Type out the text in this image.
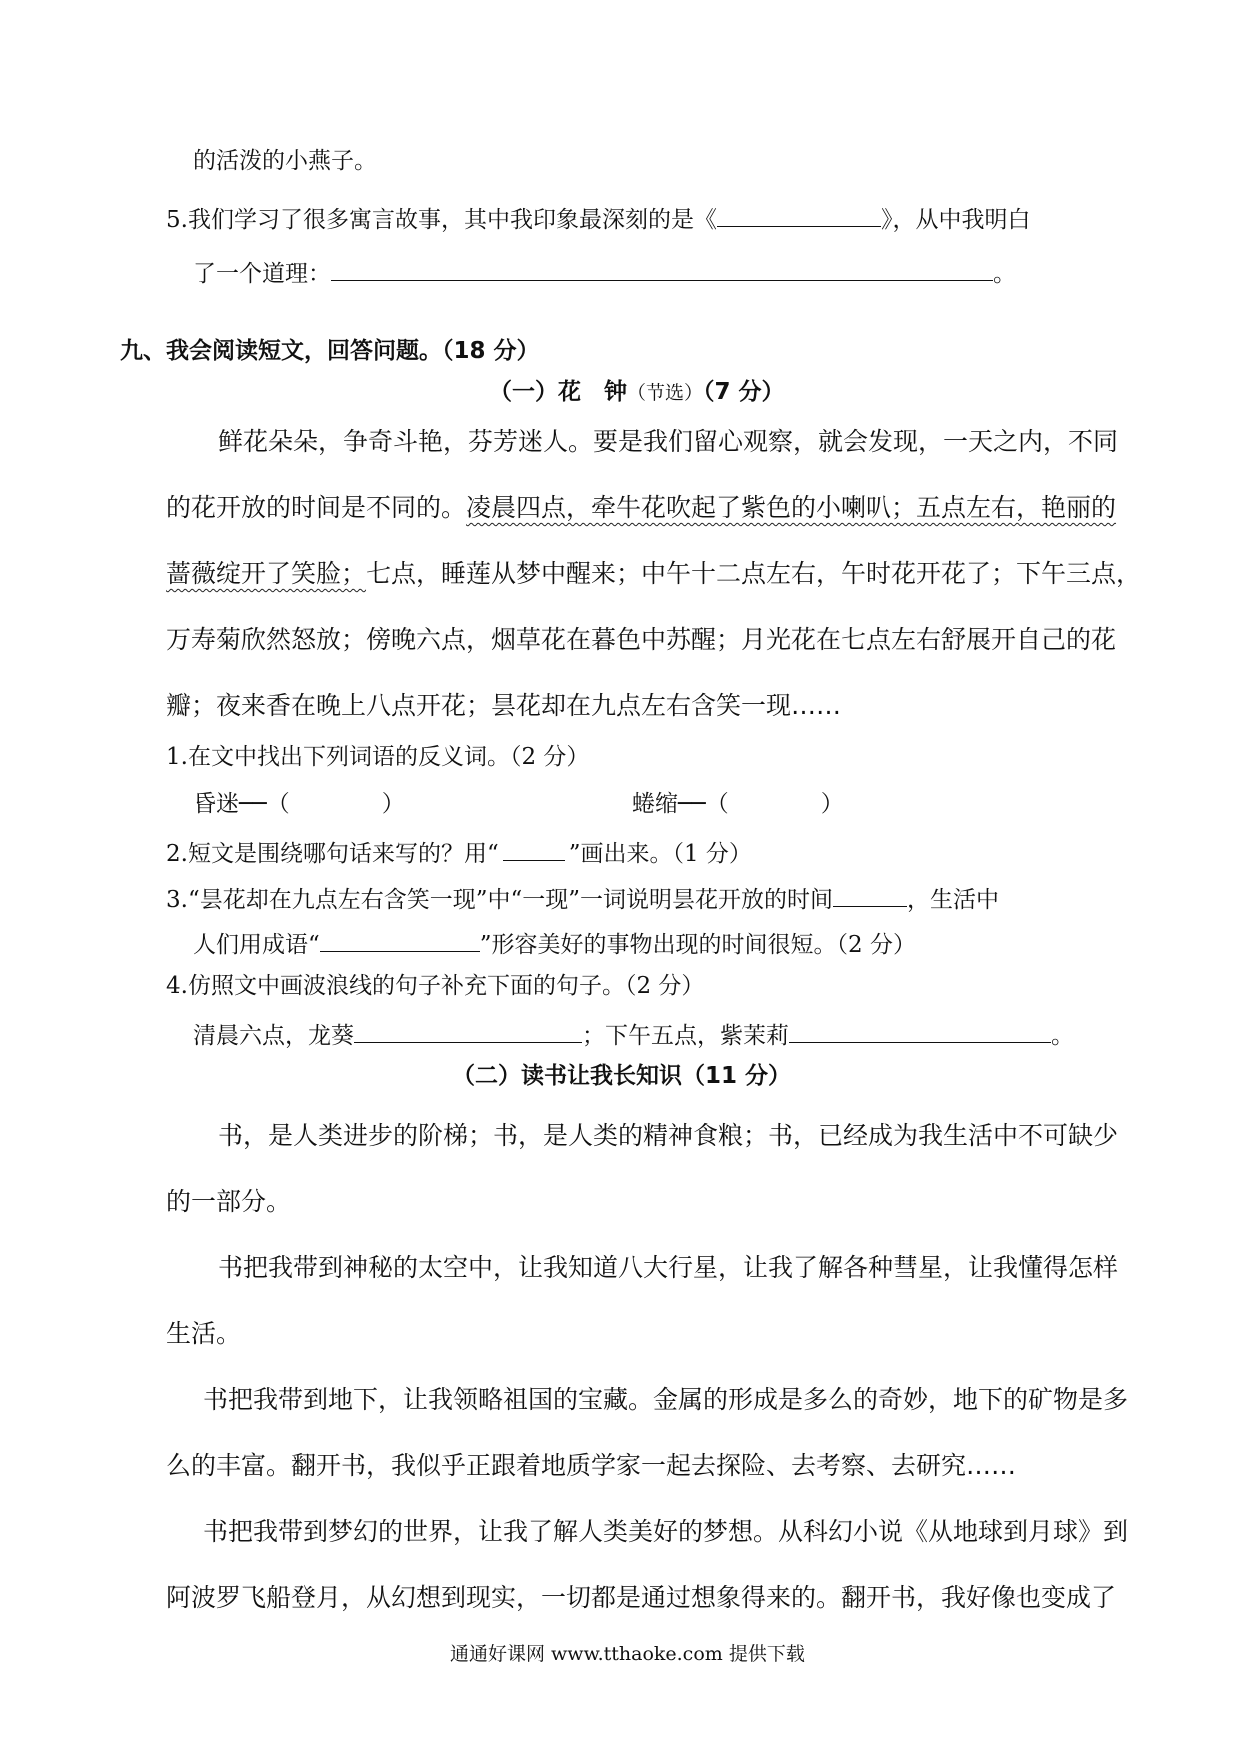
的活泼的小燕子。
5.我们学习了很多寓言故事，其中我印象最深刻的是《	》，从中我明白
了一个道理：	。
九、我会阅读短文，回答问题。（18 分）
（一）花　钟（节选）（7 分）
鲜花朵朵，争奇斗艳，芬芳迷人。要是我们留心观察，就会发现，一天之内，不同
的花开放的时间是不同的。凌晨四点，牵牛花吹起了紫色的小喇叭；五点左右，艳丽的
蔷薇绽开了笑脸；七点，睡莲从梦中醒来；中午十二点左右，午时花开花了；下午三点，
万寿菊欣然怒放；傍晚六点，烟草花在暮色中苏醒；月光花在七点左右舒展开自己的花
瓣；夜来香在晚上八点开花；昙花却在九点左右含笑一现……
1.在文中找出下列词语的反义词。（2 分）
昏迷──（　　　　）	蜷缩──（　　　　）
2.短文是围绕哪句话来写的？用“	”画出来。（1 分）
3.“昙花却在九点左右含笑一现”中“一现”一词说明昙花开放的时间	，生活中
人们用成语“	”形容美好的事物出现的时间很短。（2 分）
4.仿照文中画波浪线的句子补充下面的句子。（2 分）
清晨六点，龙葵	；下午五点，紫茉莉	。
（二）读书让我长知识（11 分）
书，是人类进步的阶梯；书，是人类的精神食粮；书，已经成为我生活中不可缺少
的一部分。
书把我带到神秘的太空中，让我知道八大行星，让我了解各种彗星，让我懂得怎样
生活。
书把我带到地下，让我领略祖国的宝藏。金属的形成是多么的奇妙，地下的矿物是多
么的丰富。翻开书，我似乎正跟着地质学家一起去探险、去考察、去研究……
书把我带到梦幻的世界，让我了解人类美好的梦想。从科幻小说《从地球到月球》到
阿波罗飞船登月，从幻想到现实，一切都是通过想象得来的。翻开书，我好像也变成了
通通好课网 www.tthaoke.com 提供下载
